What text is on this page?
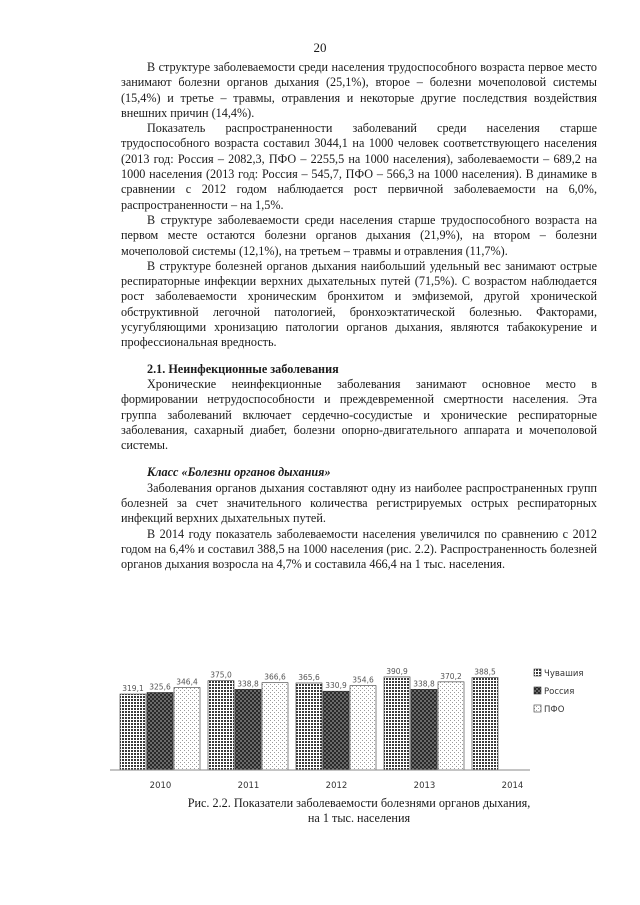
20

В структуре заболеваемости среди населения трудоспособного возраста первое место занимают болезни органов дыхания (25,1%), второе – болезни мочеполовой системы (15,4%) и третье – травмы, отравления и некоторые другие последствия воздействия внешних причин (14,4%).

Показатель распространенности заболеваний среди населения старше трудоспособного возраста составил 3044,1 на 1000 человек соответствующего населения (2013 год: Россия – 2082,3, ПФО – 2255,5 на 1000 населения), заболеваемости – 689,2 на 1000 населения (2013 год: Россия – 545,7, ПФО – 566,3 на 1000 населения). В динамике в сравнении с 2012 годом наблюдается рост первичной заболеваемости на 6,0%, распространенности – на 1,5%.

В структуре заболеваемости среди населения старше трудоспособного возраста на первом месте остаются болезни органов дыхания (21,9%), на втором – болезни мочеполовой системы (12,1%), на третьем – травмы и отравления (11,7%).

В структуре болезней органов дыхания наибольший удельный вес занимают острые респираторные инфекции верхних дыхательных путей (71,5%). С возрастом наблюдается рост заболеваемости хроническим бронхитом и эмфиземой, другой хронической обструктивной легочной патологией, бронхоэктатической болезнью. Факторами, усугубляющими хронизацию патологии органов дыхания, являются табакокурение и профессиональная вредность.

2.1. Неинфекционные заболевания

Хронические неинфекционные заболевания занимают основное место в формировании нетрудоспособности и преждевременной смертности населения. Эта группа заболеваний включает сердечно-сосудистые и хронические респираторные заболевания, сахарный диабет, болезни опорно-двигательного аппарата и мочеполовой системы.

Класс «Болезни органов дыхания»

Заболевания органов дыхания составляют одну из наиболее распространенных групп болезней за счет значительного количества регистрируемых острых респираторных инфекций верхних дыхательных путей.

В 2014 году показатель заболеваемости населения увеличился по сравнению с 2012 годом на 6,4% и составил 388,5 на 1000 населения (рис. 2.2). Распространенность болезней органов дыхания возросла на 4,7% и составила 466,4 на 1 тыс. населения.

319,1 325,6
346,4
2010
375,0
338,8
366,6
2011
365,6
330,9
354,6
2012
390,9
338,8
370,2
2013
388,5
2014
Чувашия
Россия
ПФО
Рис. 2.2. Показатели заболеваемости болезнями органов дыхания,
на 1 тыс. населения
